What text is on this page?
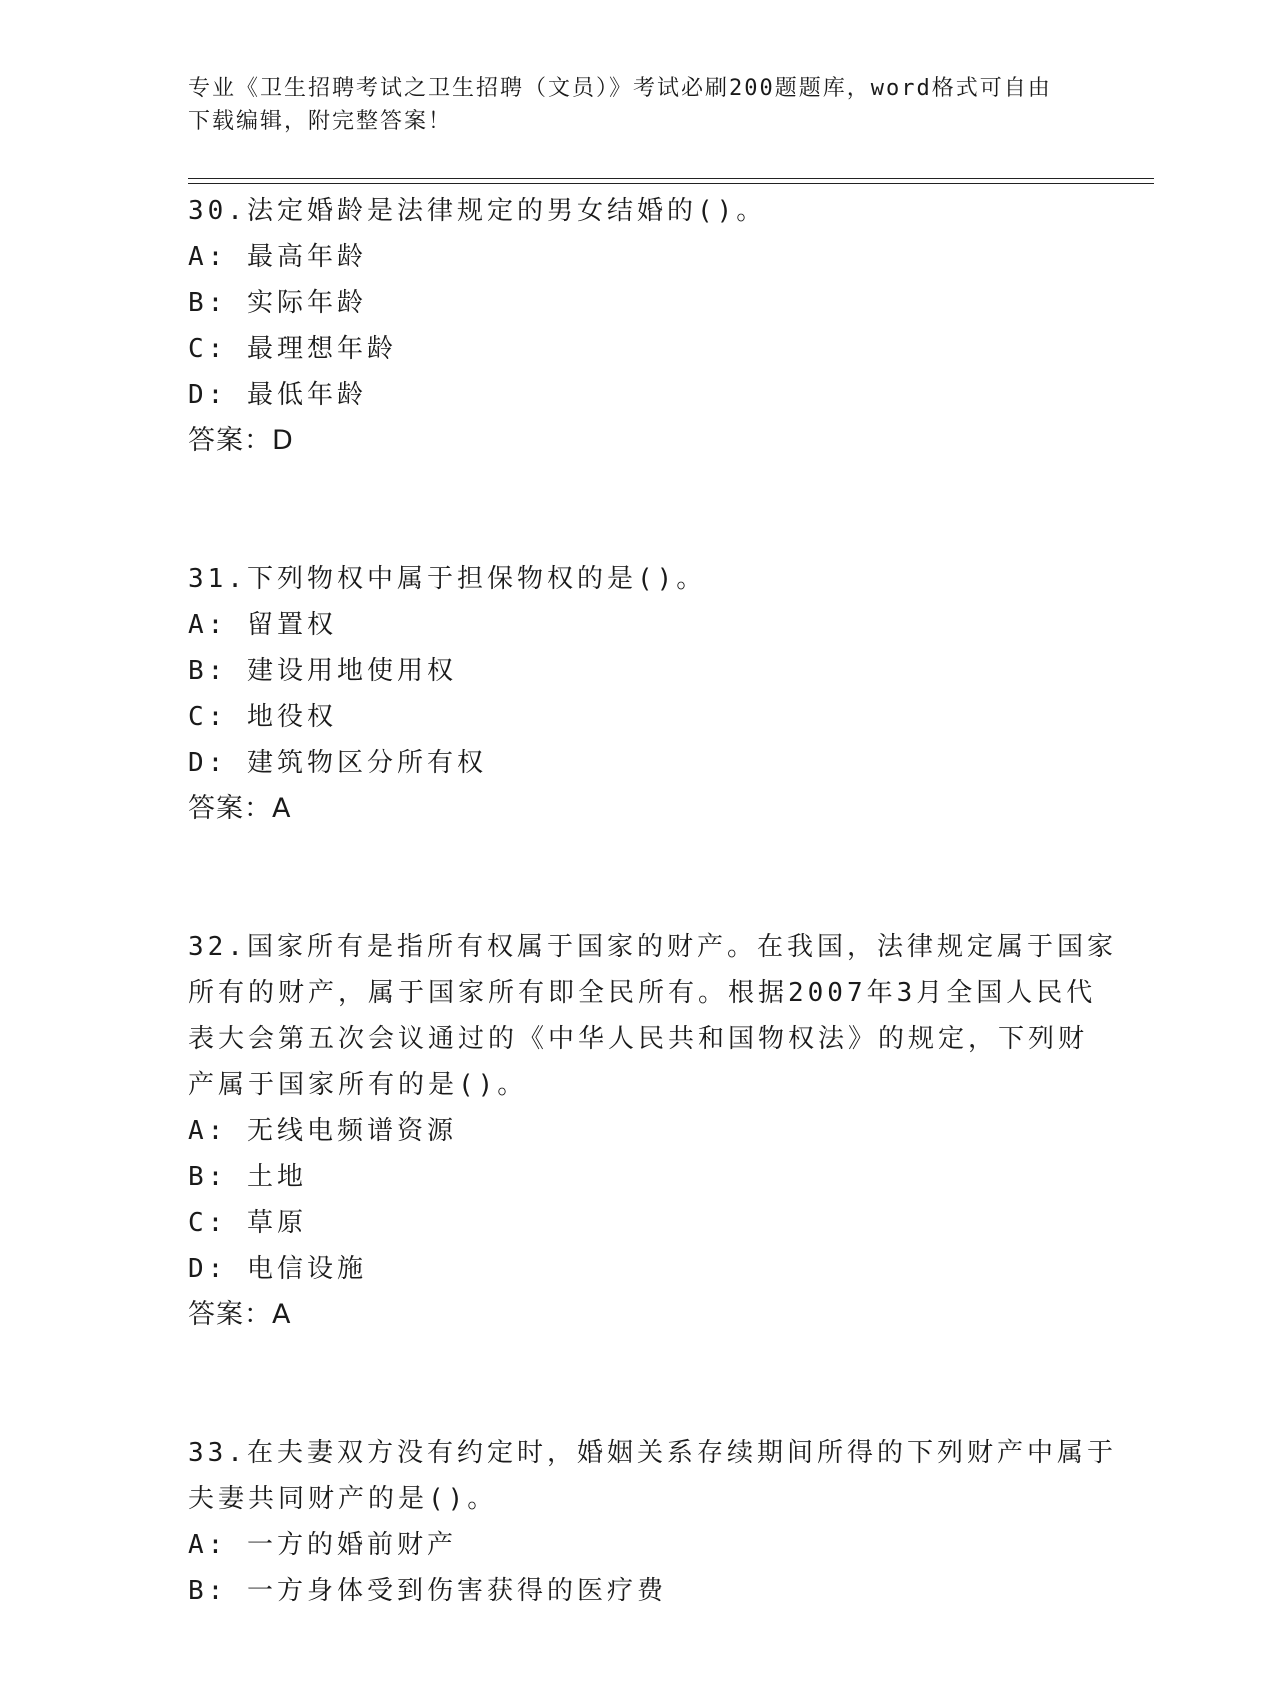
专业《卫生招聘考试之卫生招聘（文员）》考试必刷200题题库，word格式可自由下载编辑，附完整答案！
30.法定婚龄是法律规定的男女结婚的()。
A: 最高年龄
B: 实际年龄
C: 最理想年龄
D: 最低年龄
答案：D
31.下列物权中属于担保物权的是()。
A: 留置权
B: 建设用地使用权
C: 地役权
D: 建筑物区分所有权
答案：A
32.国家所有是指所有权属于国家的财产。在我国，法律规定属于国家
所有的财产，属于国家所有即全民所有。根据2007年3月全国人民代
表大会第五次会议通过的《中华人民共和国物权法》的规定，下列财
产属于国家所有的是()。
A: 无线电频谱资源
B: 土地
C: 草原
D: 电信设施
答案：A
33.在夫妻双方没有约定时，婚姻关系存续期间所得的下列财产中属于
夫妻共同财产的是()。
A: 一方的婚前财产
B: 一方身体受到伤害获得的医疗费
